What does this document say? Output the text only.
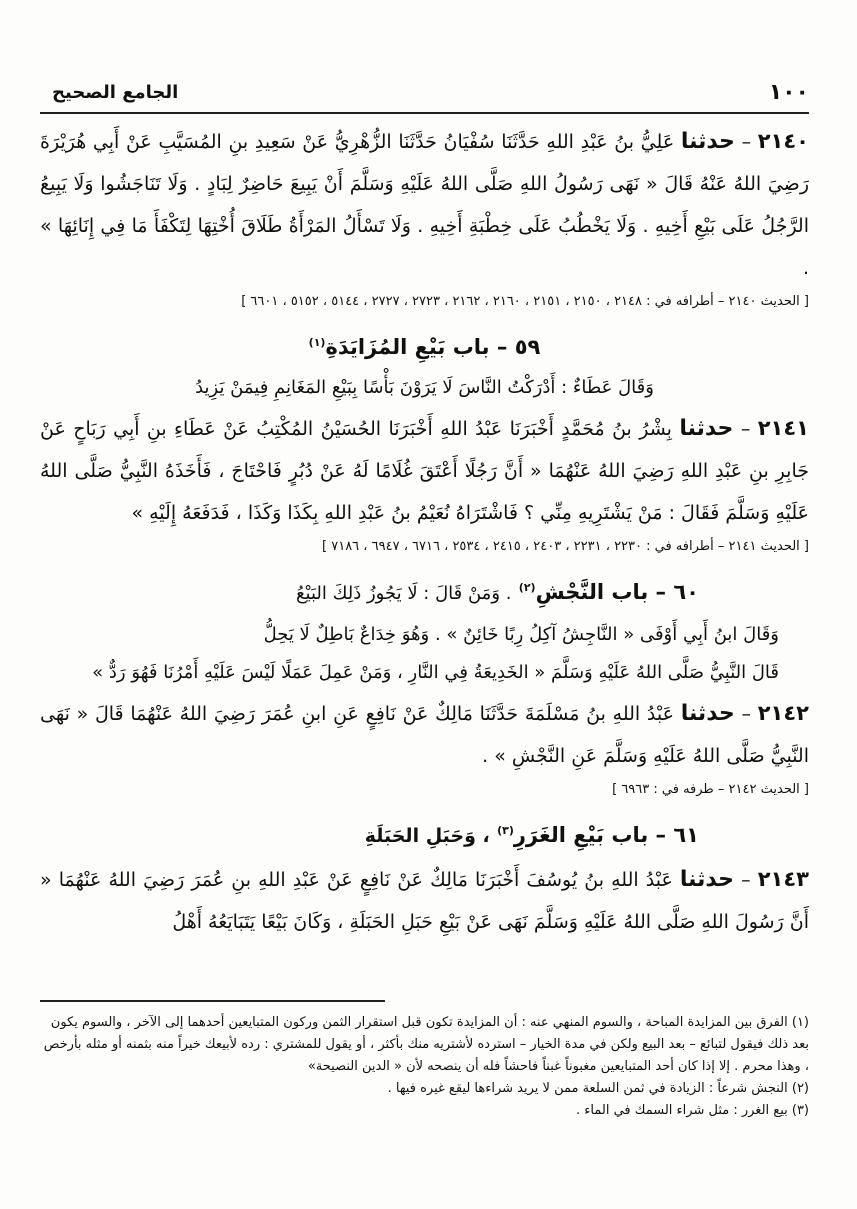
١٠٠
الجامع الصحيح

٢١٤٠ – حدثنا عَلِيُّ بنُ عَبْدِ اللهِ حَدَّثَنَا سُفْيَانُ حَدَّثَنَا الزُّهْرِيُّ عَنْ سَعِيدِ بنِ المُسَيَّبِ عَنْ أَبِي هُرَيْرَةَ رَضِيَ اللهُ عَنْهُ قَالَ « نَهَى رَسُولُ اللهِ صَلَّى اللهُ عَلَيْهِ وَسَلَّمَ أَنْ يَبِيعَ حَاضِرٌ لِبَادٍ . وَلَا تَنَاجَشُوا وَلَا يَبِيعُ الرَّجُلُ عَلَى بَيْعِ أَخِيهِ . وَلَا يَخْطُبُ عَلَى خِطْبَةِ أَخِيهِ . وَلَا تَسْأَلُ المَرْأَةُ طَلَاقَ أُخْتِهَا لِتَكْفَأَ مَا فِي إِنَائِهَا » .

[ الحديث ٢١٤٠ – أطرافه في : ٢١٤٨ ، ٢١٥٠ ، ٢١٥١ ، ٢١٦٠ ، ٢١٦٢ ، ٢٧٢٣ ، ٢٧٢٧ ، ٥١٤٤ ، ٥١٥٢ ، ٦٦٠١ ]

٥٩ – باب بَيْعِ المُزَايَدَةِ$^{(١)}$

وَقَالَ عَطَاءٌ : أَدْرَكْتُ النَّاسَ لَا يَرَوْنَ بَأْسًا بِبَيْعِ المَغَانِمِ فِيمَنْ يَزِيدُ

٢١٤١ – حدثنا بِشْرُ بنُ مُحَمَّدٍ أَخْبَرَنَا عَبْدُ اللهِ أَخْبَرَنَا الحُسَيْنُ المُكْتِبُ عَنْ عَطَاءِ بنِ أَبِي رَبَاحٍ عَنْ جَابِرِ بنِ عَبْدِ اللهِ رَضِيَ اللهُ عَنْهُمَا « أَنَّ رَجُلًا أَعْتَقَ غُلَامًا لَهُ عَنْ دُبُرٍ فَاحْتَاجَ ، فَأَخَذَهُ النَّبِيُّ صَلَّى اللهُ عَلَيْهِ وَسَلَّمَ فَقَالَ : مَنْ يَشْتَرِيهِ مِنِّي ؟ فَاشْتَرَاهُ نُعَيْمُ بنُ عَبْدِ اللهِ بِكَذَا وَكَذَا ، فَدَفَعَهُ إِلَيْهِ »

[ الحديث ٢١٤١ – أطرافه في : ٢٢٣٠ ، ٢٢٣١ ، ٢٤٠٣ ، ٢٤١٥ ، ٢٥٣٤ ، ٦٧١٦ ، ٦٩٤٧ ، ٧١٨٦ ]

٦٠ – باب النَّجْشِ$^{(٢)}$ . وَمَنْ قَالَ : لَا يَجُوزُ ذَلِكَ البَيْعُ

وَقَالَ ابنُ أَبِي أَوْفَى « النَّاجِشُ آكِلُ رِبًا خَائِنٌ » . وَهُوَ خِدَاعٌ بَاطِلٌ لَا يَحِلُّ

قَالَ النَّبِيُّ صَلَّى اللهُ عَلَيْهِ وَسَلَّمَ « الخَدِيعَةُ فِي النَّارِ ، وَمَنْ عَمِلَ عَمَلًا لَيْسَ عَلَيْهِ أَمْرُنَا فَهُوَ رَدٌّ »

٢١٤٢ – حدثنا عَبْدُ اللهِ بنُ مَسْلَمَةَ حَدَّثَنَا مَالِكٌ عَنْ نَافِعٍ عَنِ ابنِ عُمَرَ رَضِيَ اللهُ عَنْهُمَا قَالَ « نَهَى النَّبِيُّ صَلَّى اللهُ عَلَيْهِ وَسَلَّمَ عَنِ النَّجْشِ » .

[ الحديث ٢١٤٢ – طرفه في : ٦٩٦٣ ]

٦١ – باب بَيْعِ الغَرَرِ$^{(٣)}$ ، وَحَبَلِ الحَبَلَةِ

٢١٤٣ – حدثنا عَبْدُ اللهِ بنُ يُوسُفَ أَخْبَرَنَا مَالِكٌ عَنْ نَافِعٍ عَنْ عَبْدِ اللهِ بنِ عُمَرَ رَضِيَ اللهُ عَنْهُمَا « أَنَّ رَسُولَ اللهِ صَلَّى اللهُ عَلَيْهِ وَسَلَّمَ نَهَى عَنْ بَيْعِ حَبَلِ الحَبَلَةِ ، وَكَانَ بَيْعًا يَتَبَايَعُهُ أَهْلُ

(١) الفرق بين المزايدة المباحة ، والسوم المنهي عنه : أن المزايدة تكون قبل استقرار الثمن وركون المتبايعين أحدهما إلى الآخر ، والسوم يكون بعد ذلك فيقول لتبائع – بعد البيع ولكن في مدة الخيار – استرده لأشتريه منك بأكثر ، أو يقول للمشتري : رده لأبيعك خيراً منه بثمنه أو مثله بأرخص ، وهذا محرم . إلا إذا كان أحد المتبايعين مغبوناً غبناً فاحشاً فله أن ينصحه لأن « الدين النصيحة»

(٢) النجش شرعاً : الزيادة في ثمن السلعة ممن لا يريد شراءها ليقع غيره فيها .

(٣) بيع الغرر : مثل شراء السمك في الماء .
